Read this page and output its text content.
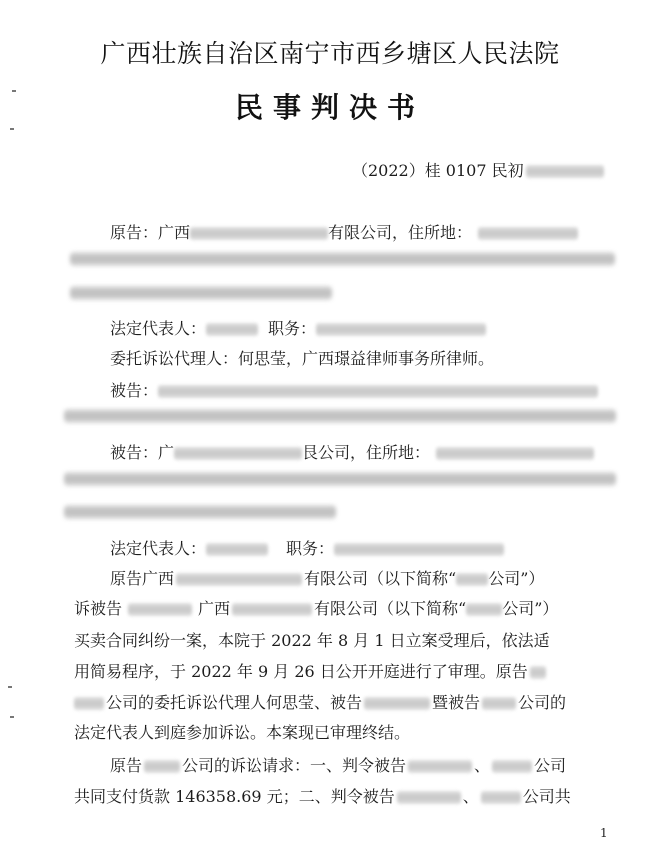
广西壮族自治区南宁市西乡塘区人民法院
民事判决书
（2022）桂 0107 民初
原告：广西	有限公司，住所地：
法定代表人：	职务：
委托诉讼代理人：何思莹，广西璟益律师事务所律师。
被告：
被告：广	艮公司，住所地：
法定代表人：	职务：
原告广西	有限公司（以下简称“ 公司”）
诉被告	广西	有限公司（以下简称“ 公司”）
买卖合同纠纷一案，本院于 2022 年 8 月 1 日立案受理后，依法适
用简易程序，于 2022 年 9 月 26 日公开开庭进行了审理。原告
公司的委托诉讼代理人何思莹、被告	暨被告 公司的
法定代表人到庭参加诉讼。本案现已审理终结。
原告	公司的诉讼请求：一、判令被告	、	公司
共同支付货款 146358.69 元；二、判令被告	、	公司共
1
